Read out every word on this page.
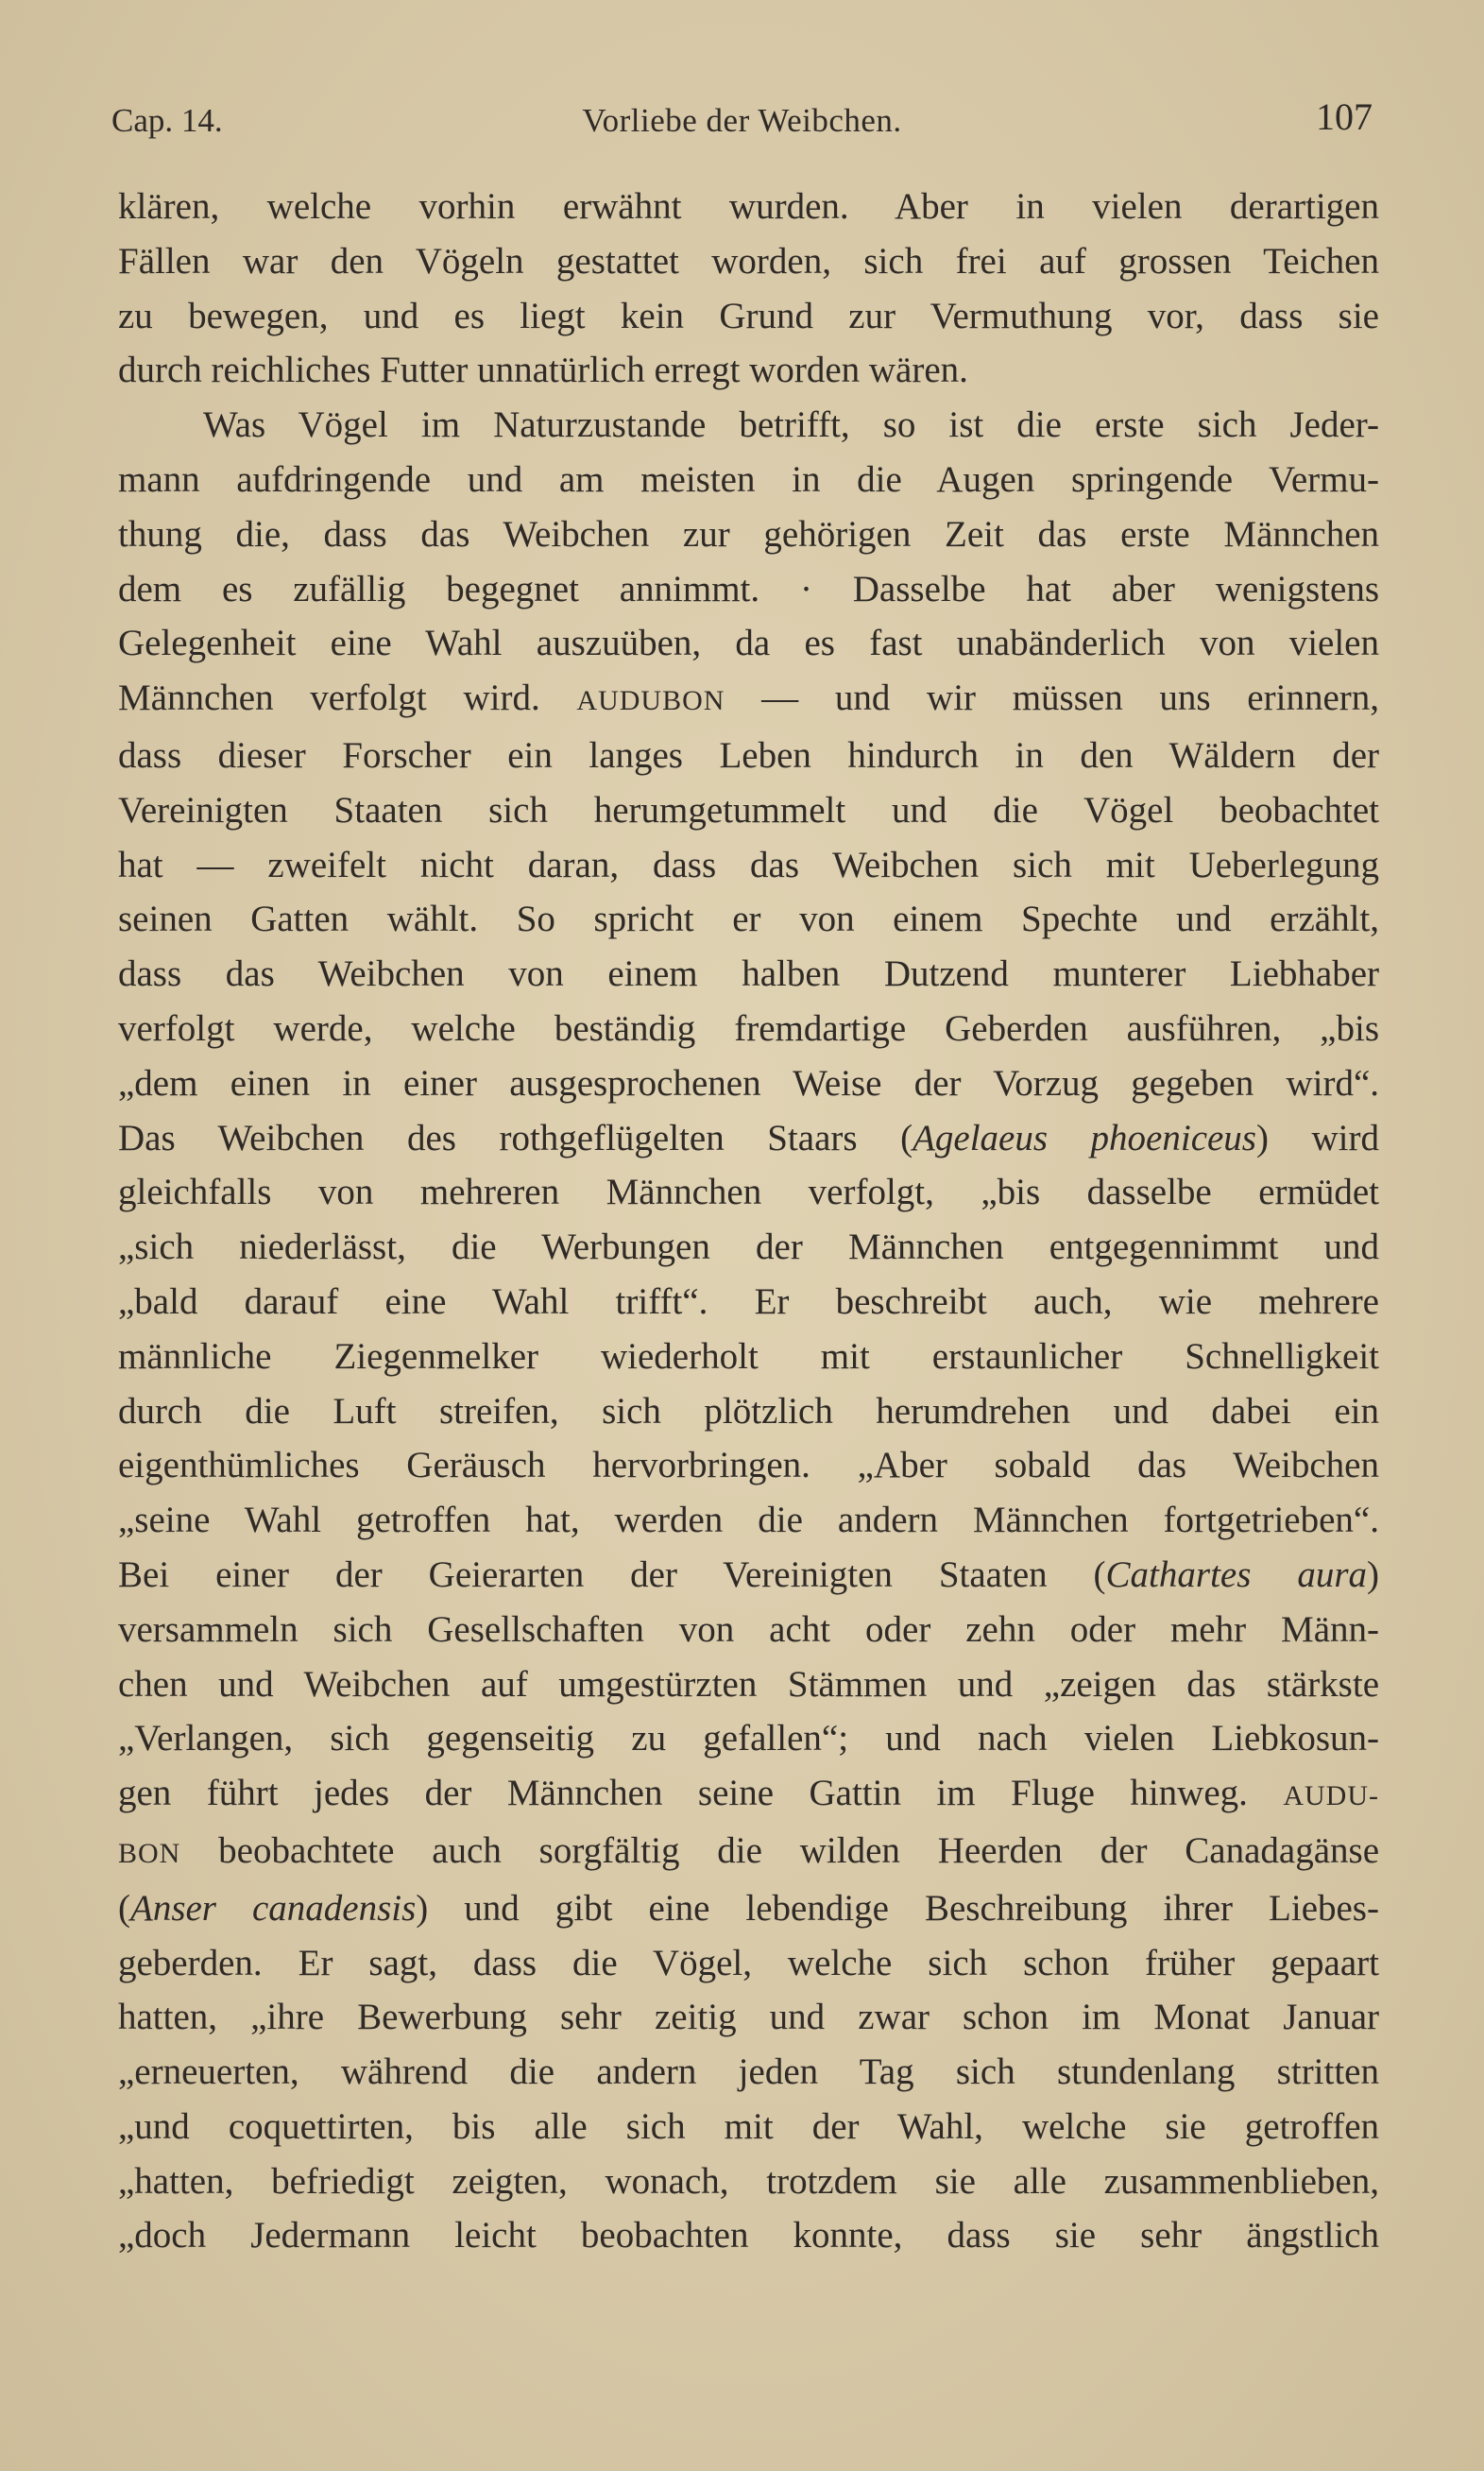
Cap. 14.	Vorliebe der Weibchen.	107
klären, welche vorhin erwähnt wurden. Aber in vielen derartigen
Fällen war den Vögeln gestattet worden, sich frei auf grossen Teichen
zu bewegen, und es liegt kein Grund zur Vermuthung vor, dass sie
durch reichliches Futter unnatürlich erregt worden wären.
Was Vögel im Naturzustande betrifft, so ist die erste sich Jeder-
mann aufdringende und am meisten in die Augen springende Vermu-
thung die, dass das Weibchen zur gehörigen Zeit das erste Männchen
dem es zufällig begegnet annimmt. · Dasselbe hat aber wenigstens
Gelegenheit eine Wahl auszuüben, da es fast unabänderlich von vielen
Männchen verfolgt wird. AUDUBON — und wir müssen uns erinnern,
dass dieser Forscher ein langes Leben hindurch in den Wäldern der
Vereinigten Staaten sich herumgetummelt und die Vögel beobachtet
hat — zweifelt nicht daran, dass das Weibchen sich mit Ueberlegung
seinen Gatten wählt. So spricht er von einem Spechte und erzählt,
dass das Weibchen von einem halben Dutzend munterer Liebhaber
verfolgt werde, welche beständig fremdartige Geberden ausführen, „bis
„dem einen in einer ausgesprochenen Weise der Vorzug gegeben wird“.
Das Weibchen des rothgeflügelten Staars (Agelaeus phoeniceus) wird
gleichfalls von mehreren Männchen verfolgt, „bis dasselbe ermüdet
„sich niederlässt, die Werbungen der Männchen entgegennimmt und
„bald darauf eine Wahl trifft“. Er beschreibt auch, wie mehrere
männliche Ziegenmelker wiederholt mit erstaunlicher Schnelligkeit
durch die Luft streifen, sich plötzlich herumdrehen und dabei ein
eigenthümliches Geräusch hervorbringen. „Aber sobald das Weibchen
„seine Wahl getroffen hat, werden die andern Männchen fortgetrieben“.
Bei einer der Geierarten der Vereinigten Staaten (Cathartes aura)
versammeln sich Gesellschaften von acht oder zehn oder mehr Männ-
chen und Weibchen auf umgestürzten Stämmen und „zeigen das stärkste
„Verlangen, sich gegenseitig zu gefallen“; und nach vielen Liebkosun-
gen führt jedes der Männchen seine Gattin im Fluge hinweg. AUDU-
BON beobachtete auch sorgfältig die wilden Heerden der Canadagänse
(Anser canadensis) und gibt eine lebendige Beschreibung ihrer Liebes-
geberden. Er sagt, dass die Vögel, welche sich schon früher gepaart
hatten, „ihre Bewerbung sehr zeitig und zwar schon im Monat Januar
„erneuerten, während die andern jeden Tag sich stundenlang stritten
„und coquettirten, bis alle sich mit der Wahl, welche sie getroffen
„hatten, befriedigt zeigten, wonach, trotzdem sie alle zusammenblieben,
„doch Jedermann leicht beobachten konnte, dass sie sehr ängstlich
